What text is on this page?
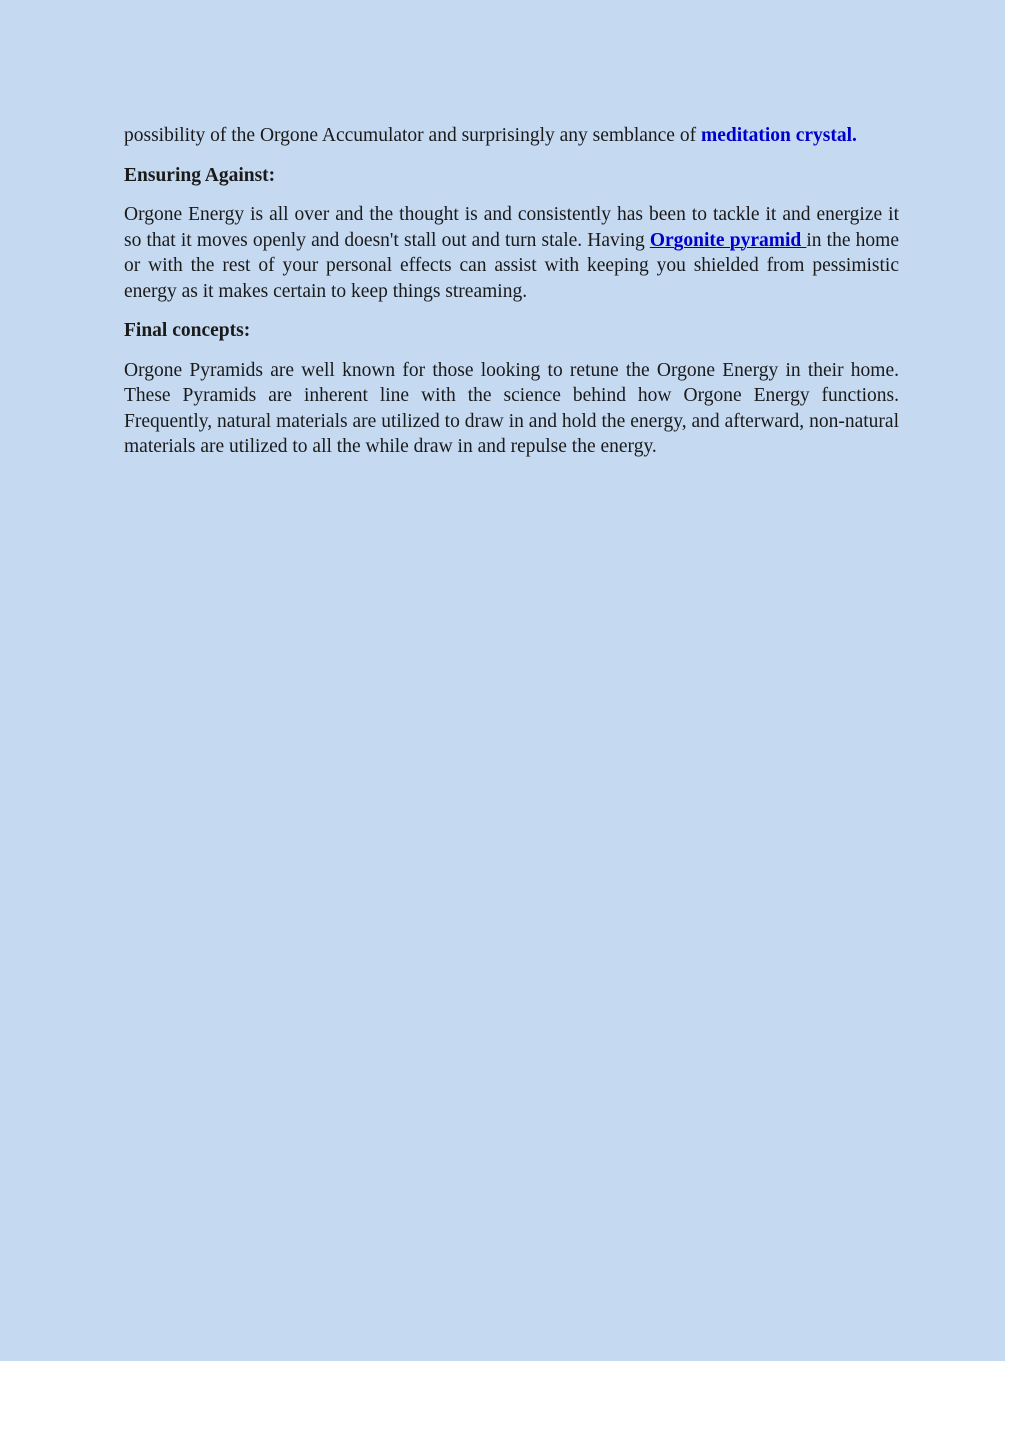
possibility of the Orgone Accumulator and surprisingly any semblance of meditation crystal.

Ensuring Against:

Orgone Energy is all over and the thought is and consistently has been to tackle it and energize it so that it moves openly and doesn't stall out and turn stale. Having Orgonite pyramid in the home or with the rest of your personal effects can assist with keeping you shielded from pessimistic energy as it makes certain to keep things streaming.

Final concepts:

Orgone Pyramids are well known for those looking to retune the Orgone Energy in their home. These Pyramids are inherent line with the science behind how Orgone Energy functions. Frequently, natural materials are utilized to draw in and hold the energy, and afterward, non-natural materials are utilized to all the while draw in and repulse the energy.
